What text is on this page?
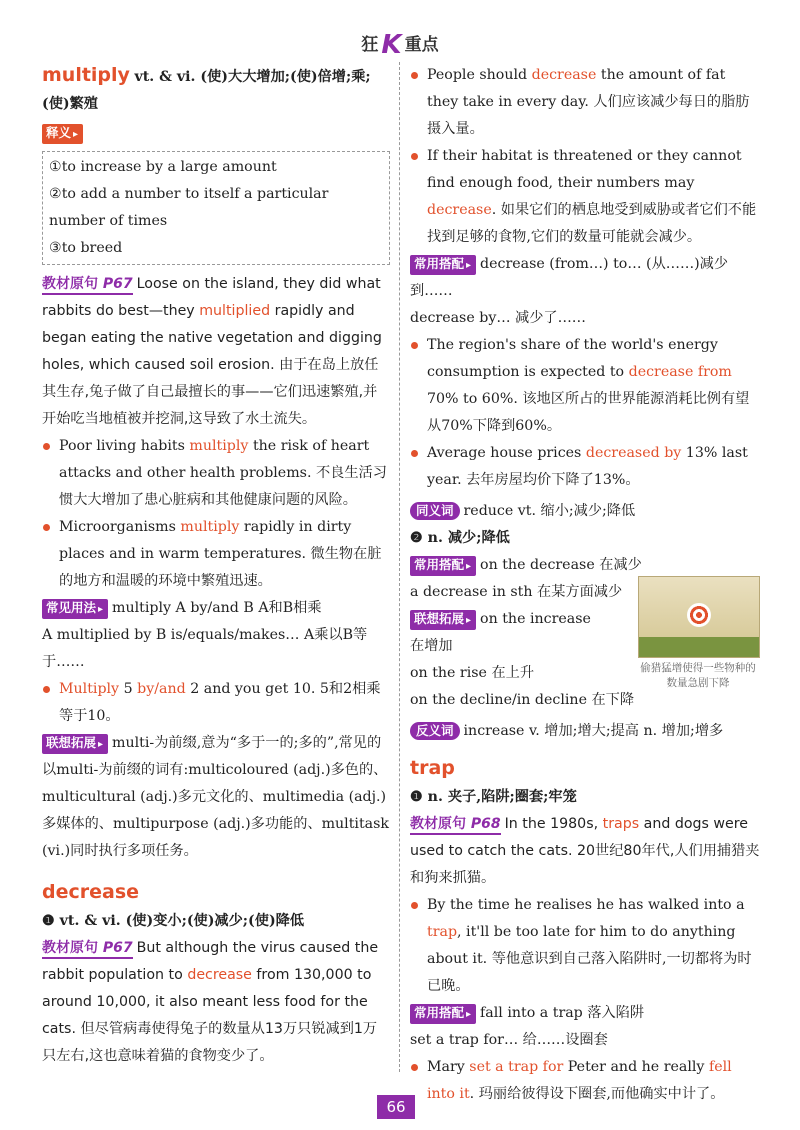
狂 K 重点
multiply vt. & vi. (使)大大增加;(使)倍增;乘;(使)繁殖
释义 ▸
①to increase by a large amount
②to add a number to itself a particular number of times
③to breed
教材原句 P67 Loose on the island, they did what rabbits do best—they multiplied rapidly and began eating the native vegetation and digging holes, which caused soil erosion. 由于在岛上放任其生存,兔子做了自己最擅长的事——它们迅速繁殖,并开始吃当地植被并挖洞,这导致了水土流失。
Poor living habits multiply the risk of heart attacks and other health problems. 不良生活习惯大大增加了患心脏病和其他健康问题的风险。
Microorganisms multiply rapidly in dirty places and in warm temperatures. 微生物在脏的地方和温暖的环境中繁殖迅速。
常见用法 ▸ multiply A by/and B A和B相乘
A multiplied by B is/equals/makes… A乘以B等于……
Multiply 5 by/and 2 and you get 10. 5和2相乘等于10。
联想拓展 ▸ multi-为前缀,意为“多于一的;多的”,常见的以multi-为前缀的词有:multicoloured (adj.)多色的、multicultural (adj.)多元文化的、multimedia (adj.)多媒体的、multipurpose (adj.)多功能的、multitask (vi.)同时执行多项任务。
decrease
❶ vt. & vi. (使)变小;(使)减少;(使)降低
教材原句 P67 But although the virus caused the rabbit population to decrease from 130,000 to around 10,000, it also meant less food for the cats. 但尽管病毒使得兔子的数量从13万只锐减到1万只左右,这也意味着猫的食物变少了。
People should decrease the amount of fat they take in every day. 人们应该减少每日的脂肪摄入量。
If their habitat is threatened or they cannot find enough food, their numbers may decrease. 如果它们的栖息地受到威胁或者它们不能找到足够的食物,它们的数量可能就会减少。
常用搭配 ▸ decrease (from…) to… (从……)减少到……
decrease by… 减少了……
The region's share of the world's energy consumption is expected to decrease from 70% to 60%. 该地区所占的世界能源消耗比例有望从70%下降到60%。
Average house prices decreased by 13% last year. 去年房屋均价下降了13%。
同义词 reduce vt. 缩小;减少;降低
❷ n. 减少;降低
常用搭配 ▸ on the decrease 在减少
a decrease in sth 在某方面减少
联想拓展 ▸ on the increase
在增加
on the rise 在上升
on the decline/in decline 在下降
偷猎猛增使得一些物种的数量急剧下降
反义词 increase v. 增加;增大;提高 n. 增加;增多
trap
❶ n. 夹子,陷阱;圈套;牢笼
教材原句 P68 In the 1980s, traps and dogs were used to catch the cats. 20世纪80年代,人们用捕猎夹和狗来抓猫。
By the time he realises he has walked into a trap, it'll be too late for him to do anything about it. 等他意识到自己落入陷阱时,一切都将为时已晚。
常用搭配 ▸ fall into a trap 落入陷阱
set a trap for… 给……设圈套
Mary set a trap for Peter and he really fell into it. 玛丽给彼得设下圈套,而他确实中计了。
66
